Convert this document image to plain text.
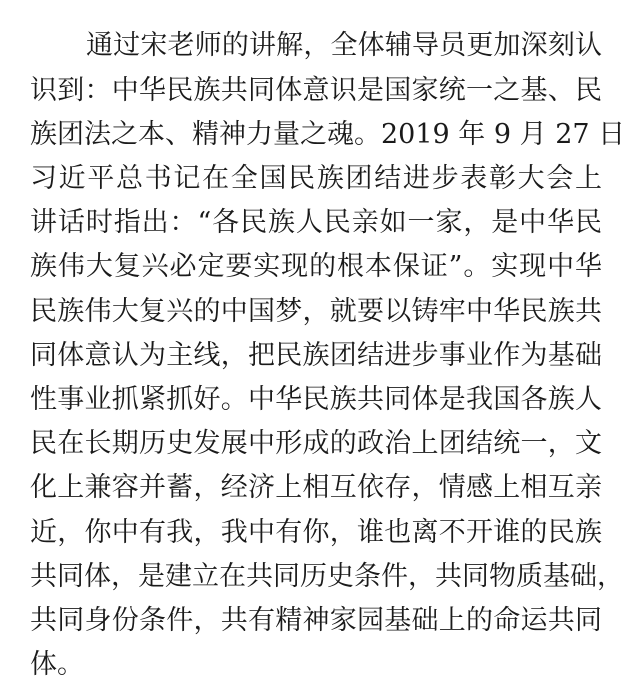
通过宋老师的讲解，全体辅导员更加深刻认
识到：中华民族共同体意识是国家统一之基、民
族团法之本、精神力量之魂。2019 年 9 月 27 日
习近平总书记在全国民族团结进步表彰大会上
讲话时指出：“各民族人民亲如一家，是中华民
族伟大复兴必定要实现的根本保证”。实现中华
民族伟大复兴的中国梦，就要以铸牢中华民族共
同体意认为主线，把民族团结进步事业作为基础
性事业抓紧抓好。中华民族共同体是我国各族人
民在长期历史发展中形成的政治上团结统一，文
化上兼容并蓄，经济上相互依存，情感上相互亲
近，你中有我，我中有你，谁也离不开谁的民族
共同体，是建立在共同历史条件，共同物质基础，
共同身份条件，共有精神家园基础上的命运共同
体。
